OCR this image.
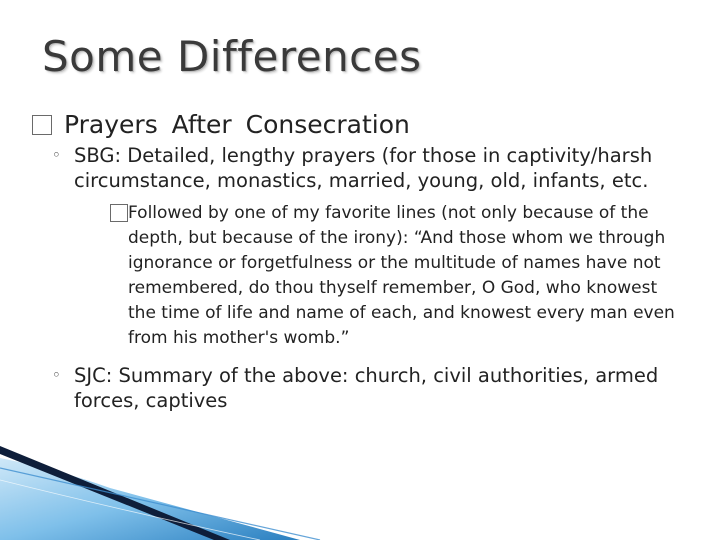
Some Differences
Prayers After Consecration
◦ SBG: Detailed, lengthy prayers (for those in captivity/harsh circumstance, monastics, married, young, old, infants, etc.
Followed by one of my favorite lines (not only because of the depth, but because of the irony): “And those whom we through ignorance or forgetfulness or the multitude of names have not remembered, do thou thyself remember, O God, who knowest the time of life and name of each, and knowest every man even from his mother's womb.”
◦ SJC: Summary of the above: church, civil authorities, armed forces, captives
